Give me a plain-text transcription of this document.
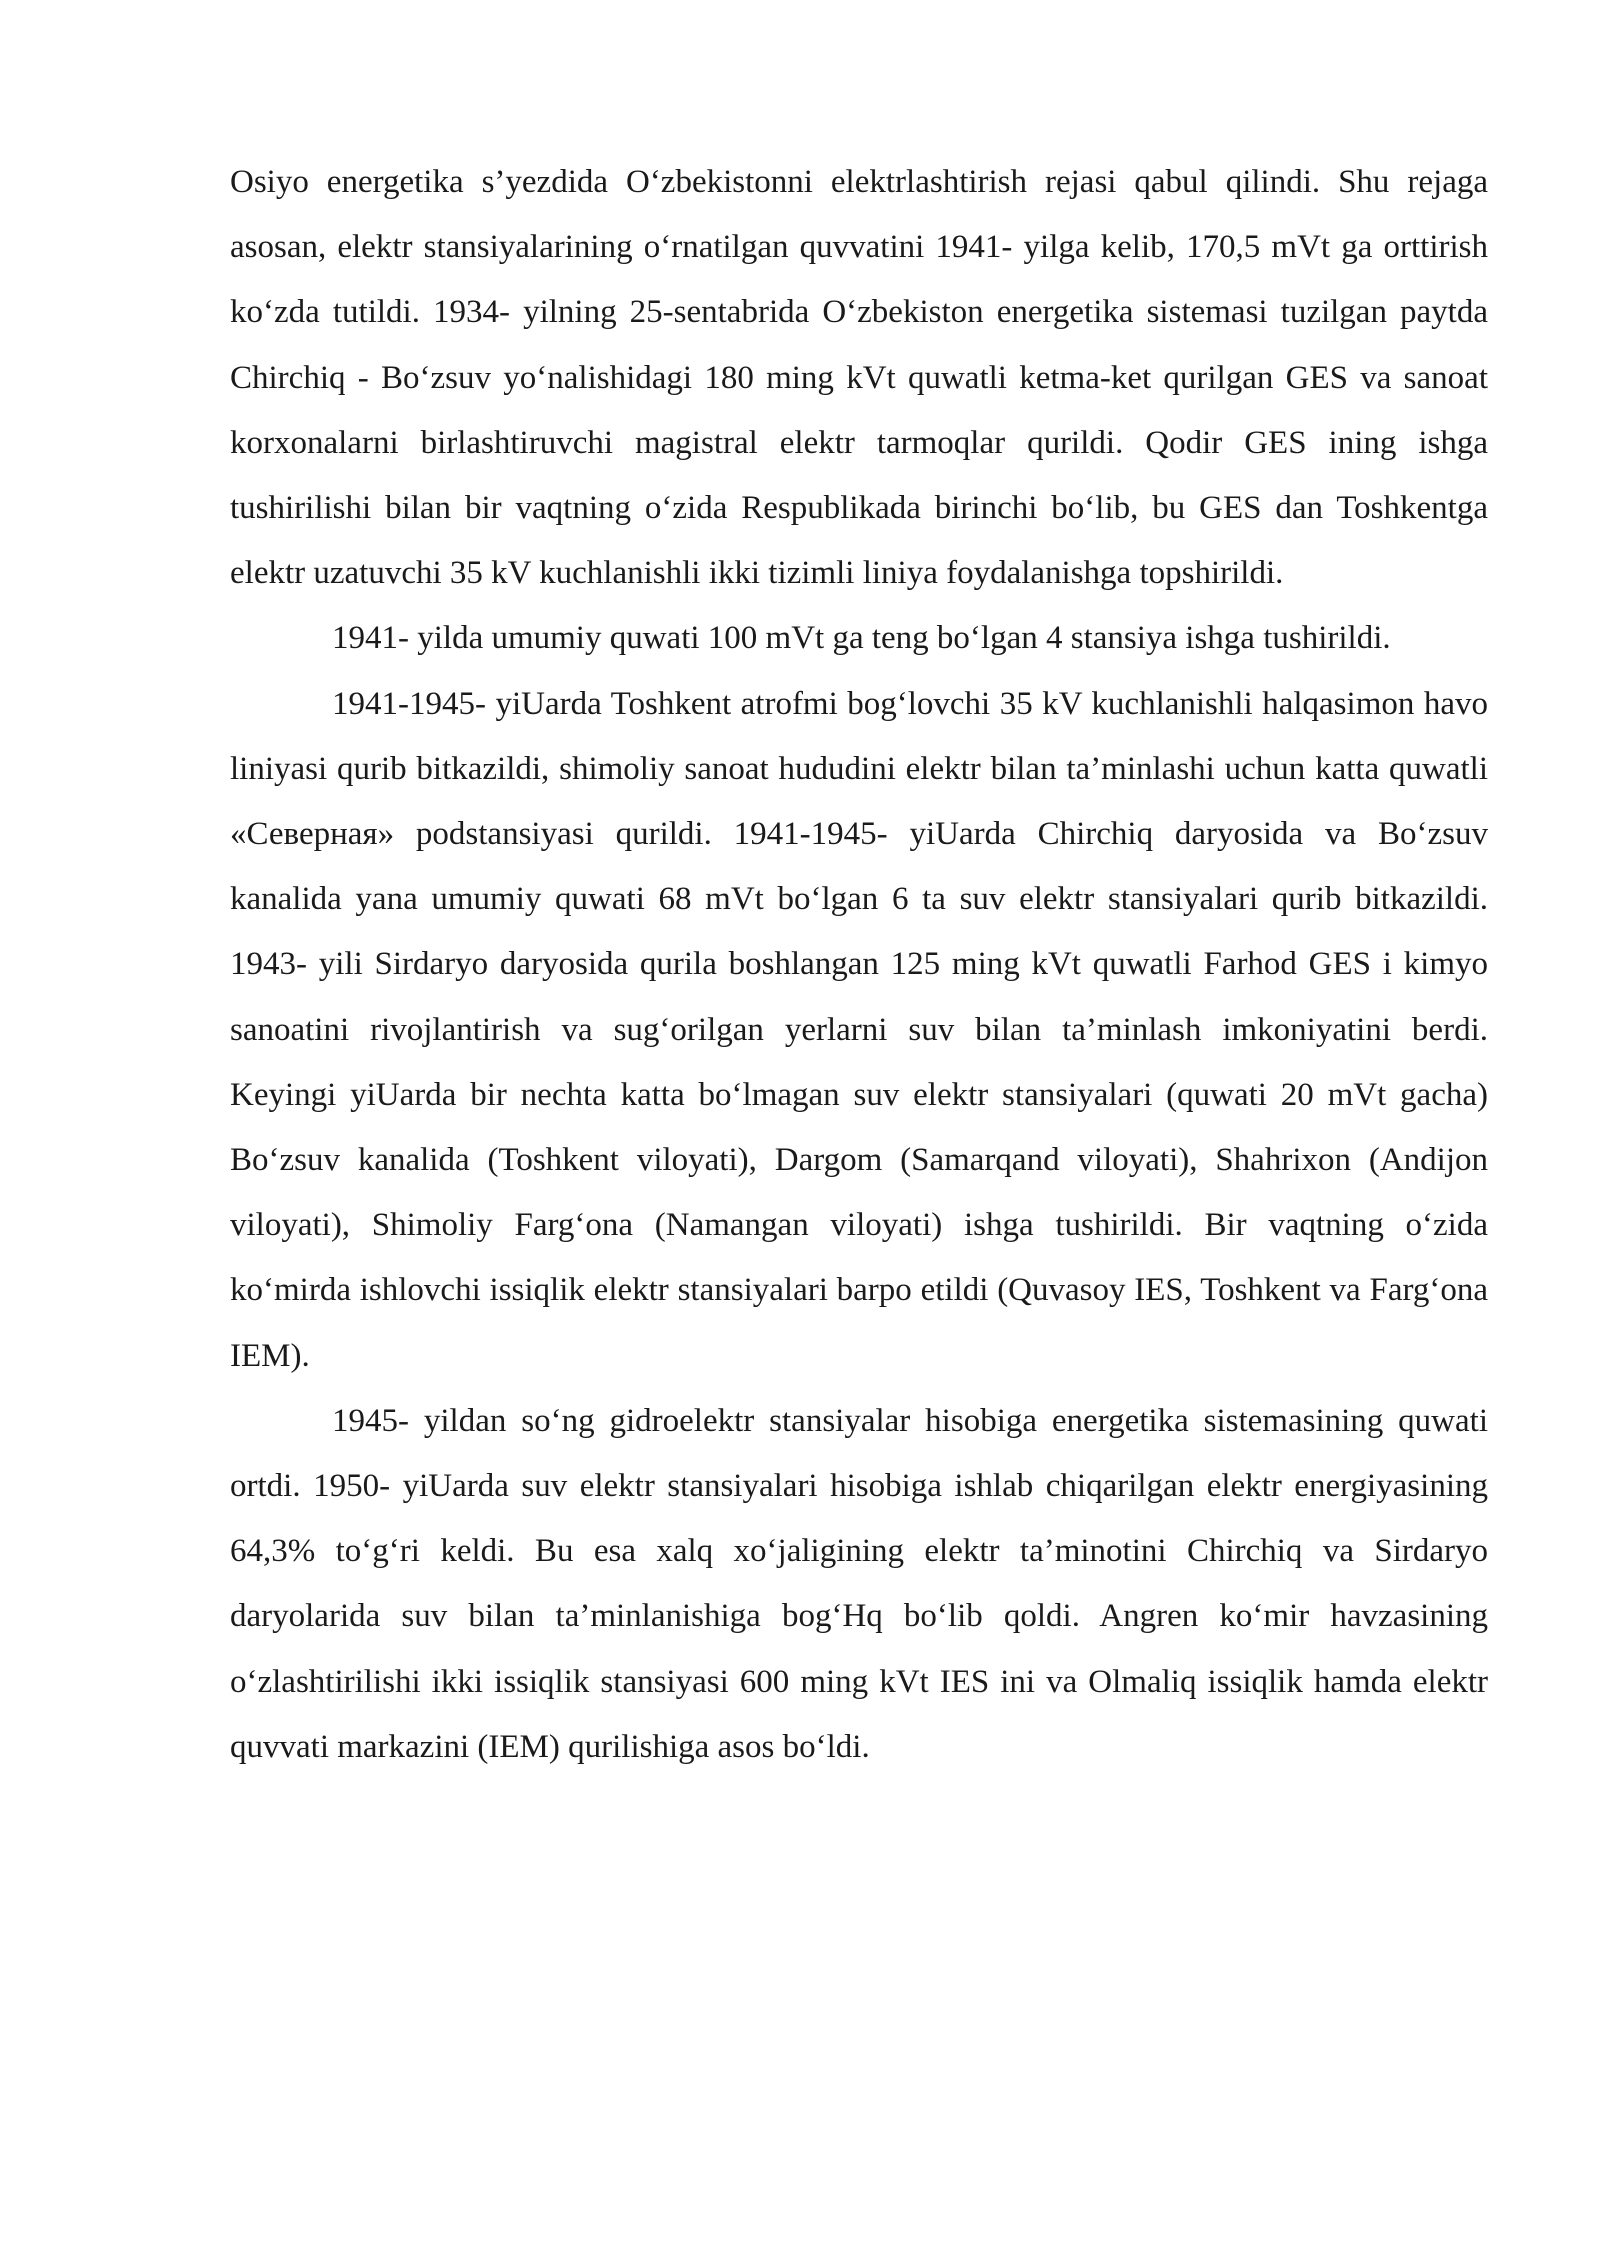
Osiyo energetika s’yezdida O‘zbekistonni elektrlashtirish rejasi qabul qilindi. Shu rejaga asosan, elektr stansiyalarining o‘rnatilgan quvvatini 1941- yilga kelib, 170,5 mVt ga orttirish ko‘zda tutildi. 1934- yilning 25-sentabrida O‘zbekiston energetika sistemasi tuzilgan paytda Chirchiq - Bo‘zsuv yo‘nalishidagi 180 ming kVt quwatli ketma-ket qurilgan GES va sanoat korxonalarni birlashtiruvchi magistral elektr tarmoqlar qurildi. Qodir GES ining ishga tushirilishi bilan bir vaqtning o‘zida Respublikada birinchi bo‘lib, bu GES dan Toshkentga elektr uzatuvchi 35 kV kuchlanishli ikki tizimli liniya foydalanishga topshirildi.

1941- yilda umumiy quwati 100 mVt ga teng bo‘lgan 4 stansiya ishga tushirildi.

1941-1945- yiUarda Toshkent atrofmi bog‘lovchi 35 kV kuchlanishli halqasimon havo liniyasi qurib bitkazildi, shimoliy sanoat hududini elektr bilan ta’minlashi uchun katta quwatli «Северная» podstansiyasi qurildi. 1941-1945- yiUarda Chirchiq daryosida va Bo‘zsuv kanalida yana umumiy quwati 68 mVt bo‘lgan 6 ta suv elektr stansiyalari qurib bitkazildi. 1943- yili Sirdaryo daryosida qurila boshlangan 125 ming kVt quwatli Farhod GES i kimyo sanoatini rivojlantirish va sug‘orilgan yerlarni suv bilan ta’minlash imkoniyatini berdi. Keyingi yiUarda bir nechta katta bo‘lmagan suv elektr stansiyalari (quwati 20 mVt gacha) Bo‘zsuv kanalida (Toshkent viloyati), Dargom (Samarqand viloyati), Shahrixon (Andijon viloyati), Shimoliy Farg‘ona (Namangan viloyati) ishga tushirildi. Bir vaqtning o‘zida ko‘mirda ishlovchi issiqlik elektr stansiyalari barpo etildi (Quvasoy IES, Toshkent va Farg‘ona IEM).

1945- yildan so‘ng gidroelektr stansiyalar hisobiga energetika sistemasining quwati ortdi. 1950- yiUarda suv elektr stansiyalari hisobiga ishlab chiqarilgan elektr energiyasining 64,3% to‘g‘ri keldi. Bu esa xalq xo‘jaligining elektr ta’minotini Chirchiq va Sirdaryo daryolarida suv bilan ta’minlanishiga bog‘Hq bo‘lib qoldi. Angren ko‘mir havzasining o‘zlashtirilishi ikki issiqlik stansiyasi 600 ming kVt IES ini va Olmaliq issiqlik hamda elektr quvvati markazini (IEM) qurilishiga asos bo‘ldi.
